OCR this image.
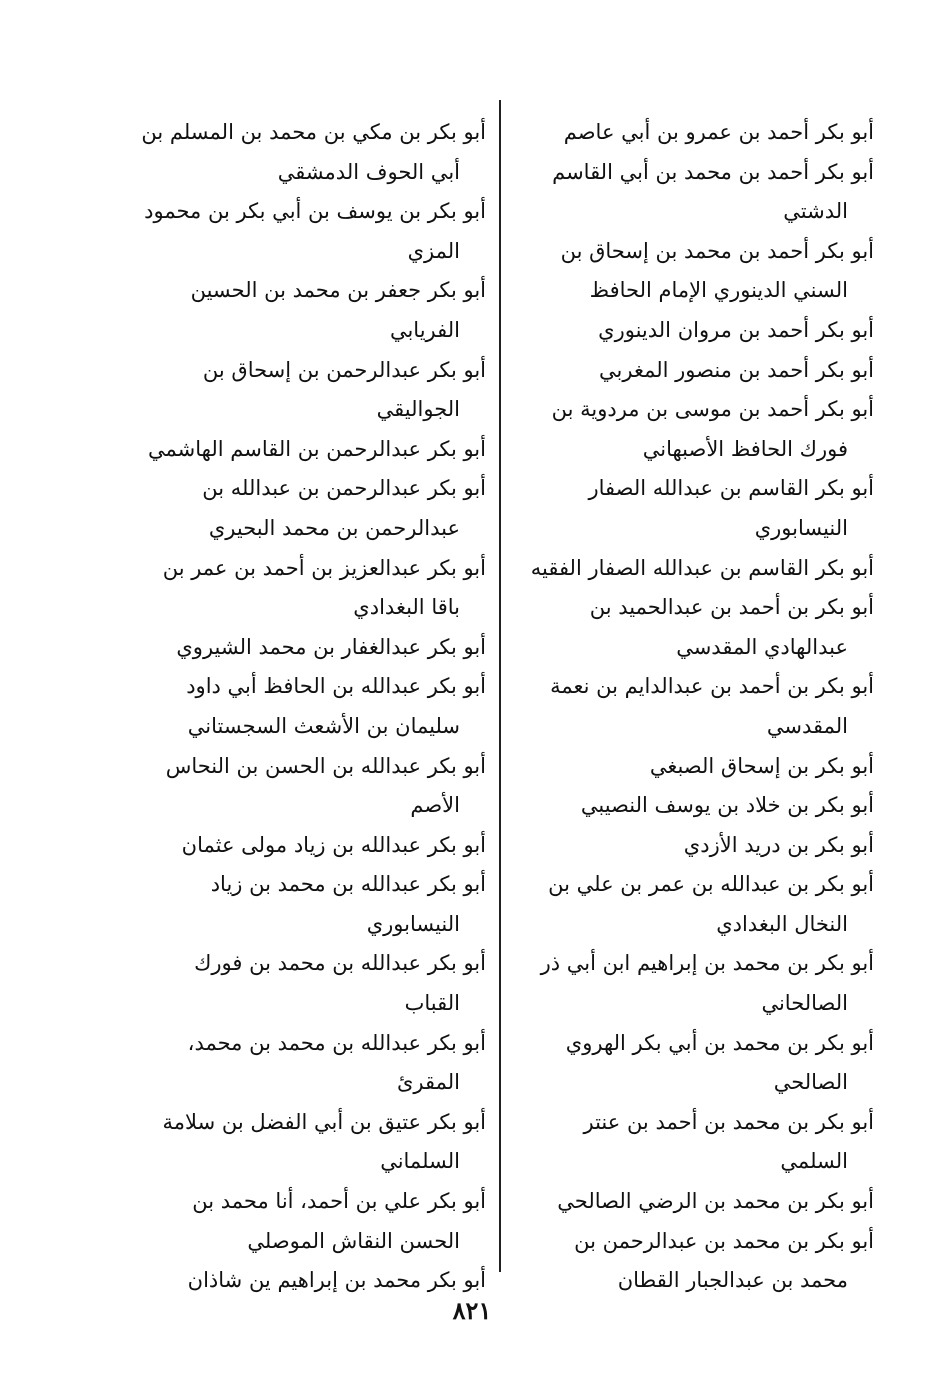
أبو بكر أحمد بن عمرو بن أبي عاصم
أبو بكر أحمد بن محمد بن أبي القاسم

الدشتي
أبو بكر أحمد بن محمد بن إسحاق بن

السني الدينوري الإمام الحافظ
أبو بكر أحمد بن مروان الدينوري
أبو بكر أحمد بن منصور المغربي
أبو بكر أحمد بن موسى بن مردوية بن

فورك الحافظ الأصبهاني
أبو بكر القاسم بن عبدالله الصفار

النيسابوري
أبو بكر القاسم بن عبدالله الصفار الفقيه
أبو بكر بن أحمد بن عبدالحميد بن

عبدالهادي المقدسي
أبو بكر بن أحمد بن عبدالدايم بن نعمة

المقدسي
أبو بكر بن إسحاق الصبغي
أبو بكر بن خلاد بن يوسف النصيبي
أبو بكر بن دريد الأزدي
أبو بكر بن عبدالله بن عمر بن علي بن

النخال البغدادي
أبو بكر بن محمد بن إبراهيم ابن أبي ذر

الصالحاني
أبو بكر بن محمد بن أبي بكر الهروي

الصالحي
أبو بكر بن محمد بن أحمد بن عنتر

السلمي
أبو بكر بن محمد بن الرضي الصالحي
أبو بكر بن محمد بن عبدالرحمن بن

محمد بن عبدالجبار القطان
أبو بكر بن مكي بن محمد بن المسلم بن

أبي الحوف الدمشقي
أبو بكر بن يوسف بن أبي بكر بن محمود

المزي
أبو بكر جعفر بن محمد بن الحسين

الفريابي
أبو بكر عبدالرحمن بن إسحاق بن

الجواليقي
أبو بكر عبدالرحمن بن القاسم الهاشمي
أبو بكر عبدالرحمن بن عبدالله بن

عبدالرحمن بن محمد البحيري
أبو بكر عبدالعزيز بن أحمد بن عمر بن

باقا البغدادي
أبو بكر عبدالغفار بن محمد الشيروي
أبو بكر عبدالله بن الحافظ أبي داود

سليمان بن الأشعث السجستاني
أبو بكر عبدالله بن الحسن بن النحاس

الأصم
أبو بكر عبدالله بن زياد مولى عثمان
أبو بكر عبدالله بن محمد بن زياد

النيسابوري
أبو بكر عبدالله بن محمد بن فورك

القباب
أبو بكر عبدالله بن محمد بن محمد،

المقرئ
أبو بكر عتيق بن أبي الفضل بن سلامة

السلماني
أبو بكر علي بن أحمد، أنا محمد بن

الحسن النقاش الموصلي
أبو بكر محمد بن إبراهيم ين شاذان
٨٢١
